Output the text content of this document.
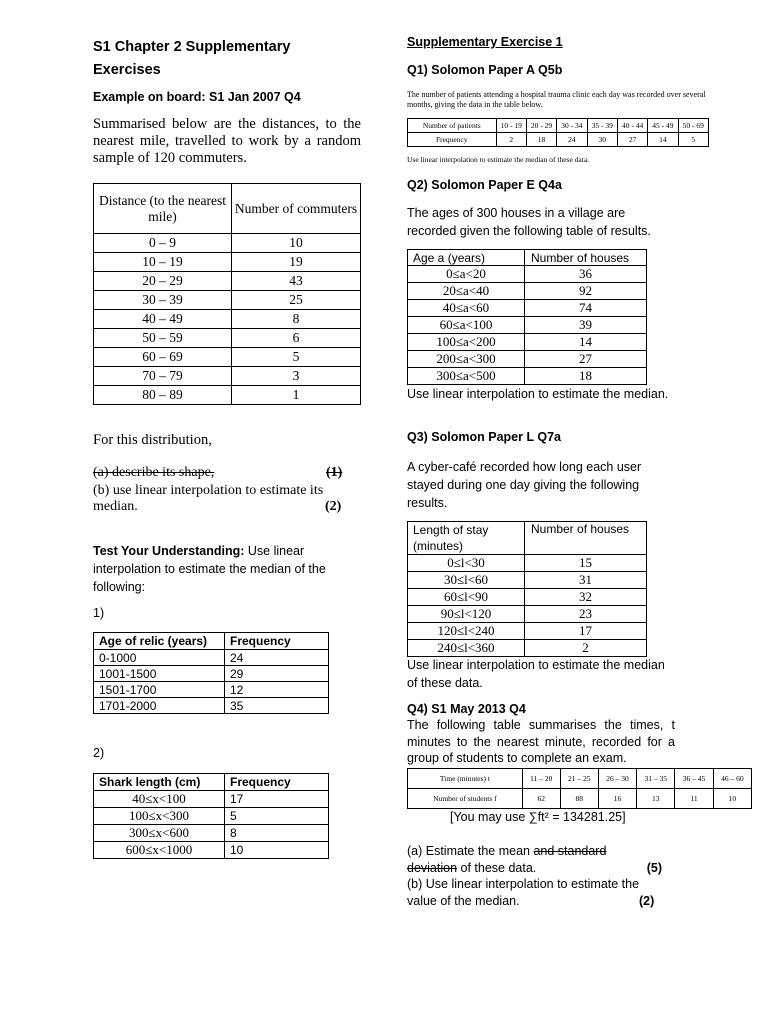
S1 Chapter 2 Supplementary
Exercises
Example on board: S1 Jan 2007 Q4
Summarised below are the distances, to the nearest mile, travelled to work by a random sample of 120 commuters.
Distance (to the nearest mile)	Number of commuters
0 – 9	10
10 – 19	19
20 – 29	43
30 – 39	25
40 – 49	8
50 – 59	6
60 – 69	5
70 – 79	3
80 – 89	1
For this distribution,
(a) describe its shape,	(1)
(b) use linear interpolation to estimate its median.	(2)
Test Your Understanding: Use linear interpolation to estimate the median of the following:
1)
Age of relic (years)	Frequency
0-1000	24
1001-1500	29
1501-1700	12
1701-2000	35
2)
Shark length (cm)	Frequency
40≤x<100	17
100≤x<300	5
300≤x<600	8
600≤x<1000	10
Supplementary Exercise 1
Q1) Solomon Paper A Q5b
The number of patients attending a hospital trauma clinic each day was recorded over several months, giving the data in the table below.
Number of patients	10 - 19	20 - 29	30 - 34	35 - 39	40 - 44	45 - 49	50 - 69
Frequency	2	18	24	30	27	14	5
Use linear interpolation to estimate the median of these data.
Q2) Solomon Paper E Q4a
The ages of 300 houses in a village are recorded given the following table of results.
Age a (years)	Number of houses
0≤a<20	36
20≤a<40	92
40≤a<60	74
60≤a<100	39
100≤a<200	14
200≤a<300	27
300≤a<500	18
Use linear interpolation to estimate the median.
Q3) Solomon Paper L Q7a
A cyber-café recorded how long each user stayed during one day giving the following results.
Length of stay (minutes)	Number of houses
0≤l<30	15
30≤l<60	31
60≤l<90	32
90≤l<120	23
120≤l<240	17
240≤l<360	2
Use linear interpolation to estimate the median of these data.
Q4) S1 May 2013 Q4
The following table summarises the times, t minutes to the nearest minute, recorded for a group of students to complete an exam.
Time (minutes) t	11 – 20	21 – 25	26 – 30	31 – 35	36 – 45	46 – 60
Number of students f	62	88	16	13	11	10
[You may use ∑ft² = 134281.25]
(a) Estimate the mean and standard deviation of these data.	(5)
(b) Use linear interpolation to estimate the value of the median.	(2)
